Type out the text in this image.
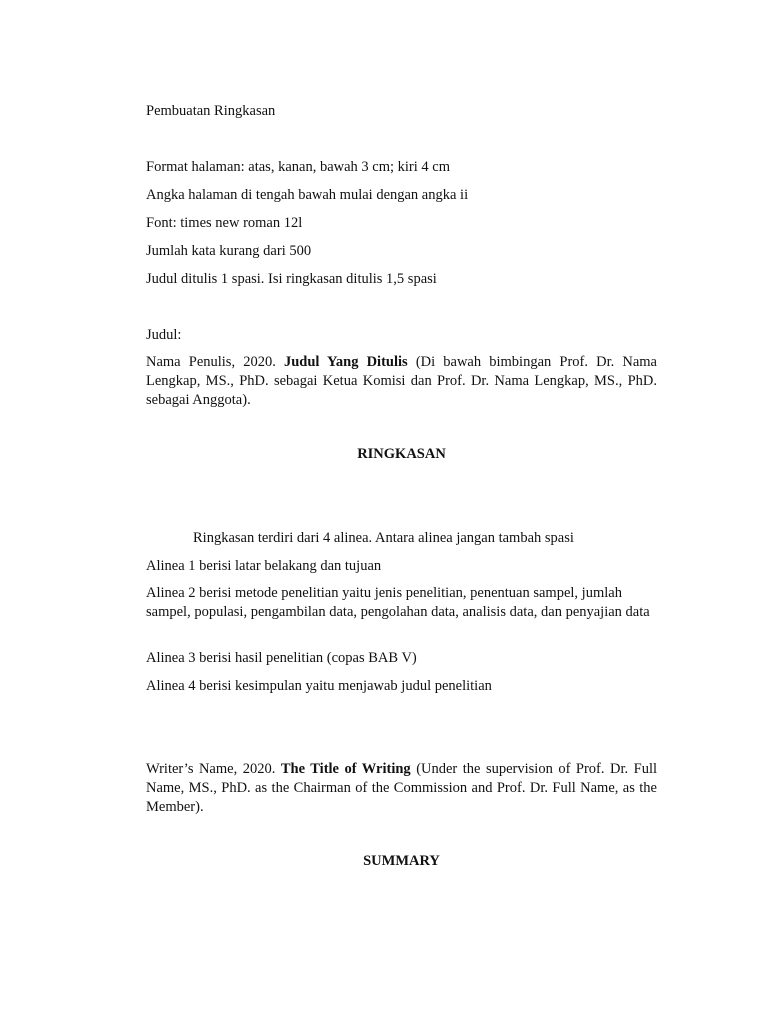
Pembuatan Ringkasan
Format halaman: atas, kanan, bawah 3 cm; kiri 4 cm
Angka halaman di tengah bawah mulai dengan angka ii
Font: times new roman 12l
Jumlah kata kurang dari 500
Judul ditulis 1 spasi. Isi ringkasan ditulis 1,5 spasi
Judul:
Nama Penulis, 2020. Judul Yang Ditulis (Di bawah bimbingan Prof. Dr. Nama Lengkap, MS., PhD. sebagai Ketua Komisi dan Prof. Dr. Nama Lengkap, MS., PhD. sebagai Anggota).
RINGKASAN
Ringkasan terdiri dari 4 alinea. Antara alinea jangan tambah spasi
Alinea 1 berisi latar belakang dan tujuan
Alinea 2 berisi metode penelitian yaitu jenis penelitian, penentuan sampel, jumlah sampel, populasi, pengambilan data, pengolahan data, analisis data, dan penyajian data
Alinea 3 berisi hasil penelitian (copas BAB V)
Alinea 4 berisi kesimpulan yaitu menjawab judul penelitian
Writer’s Name, 2020. The Title of Writing (Under the supervision of Prof. Dr. Full Name, MS., PhD. as the Chairman of the Commission and Prof. Dr. Full Name, as the Member).
SUMMARY
